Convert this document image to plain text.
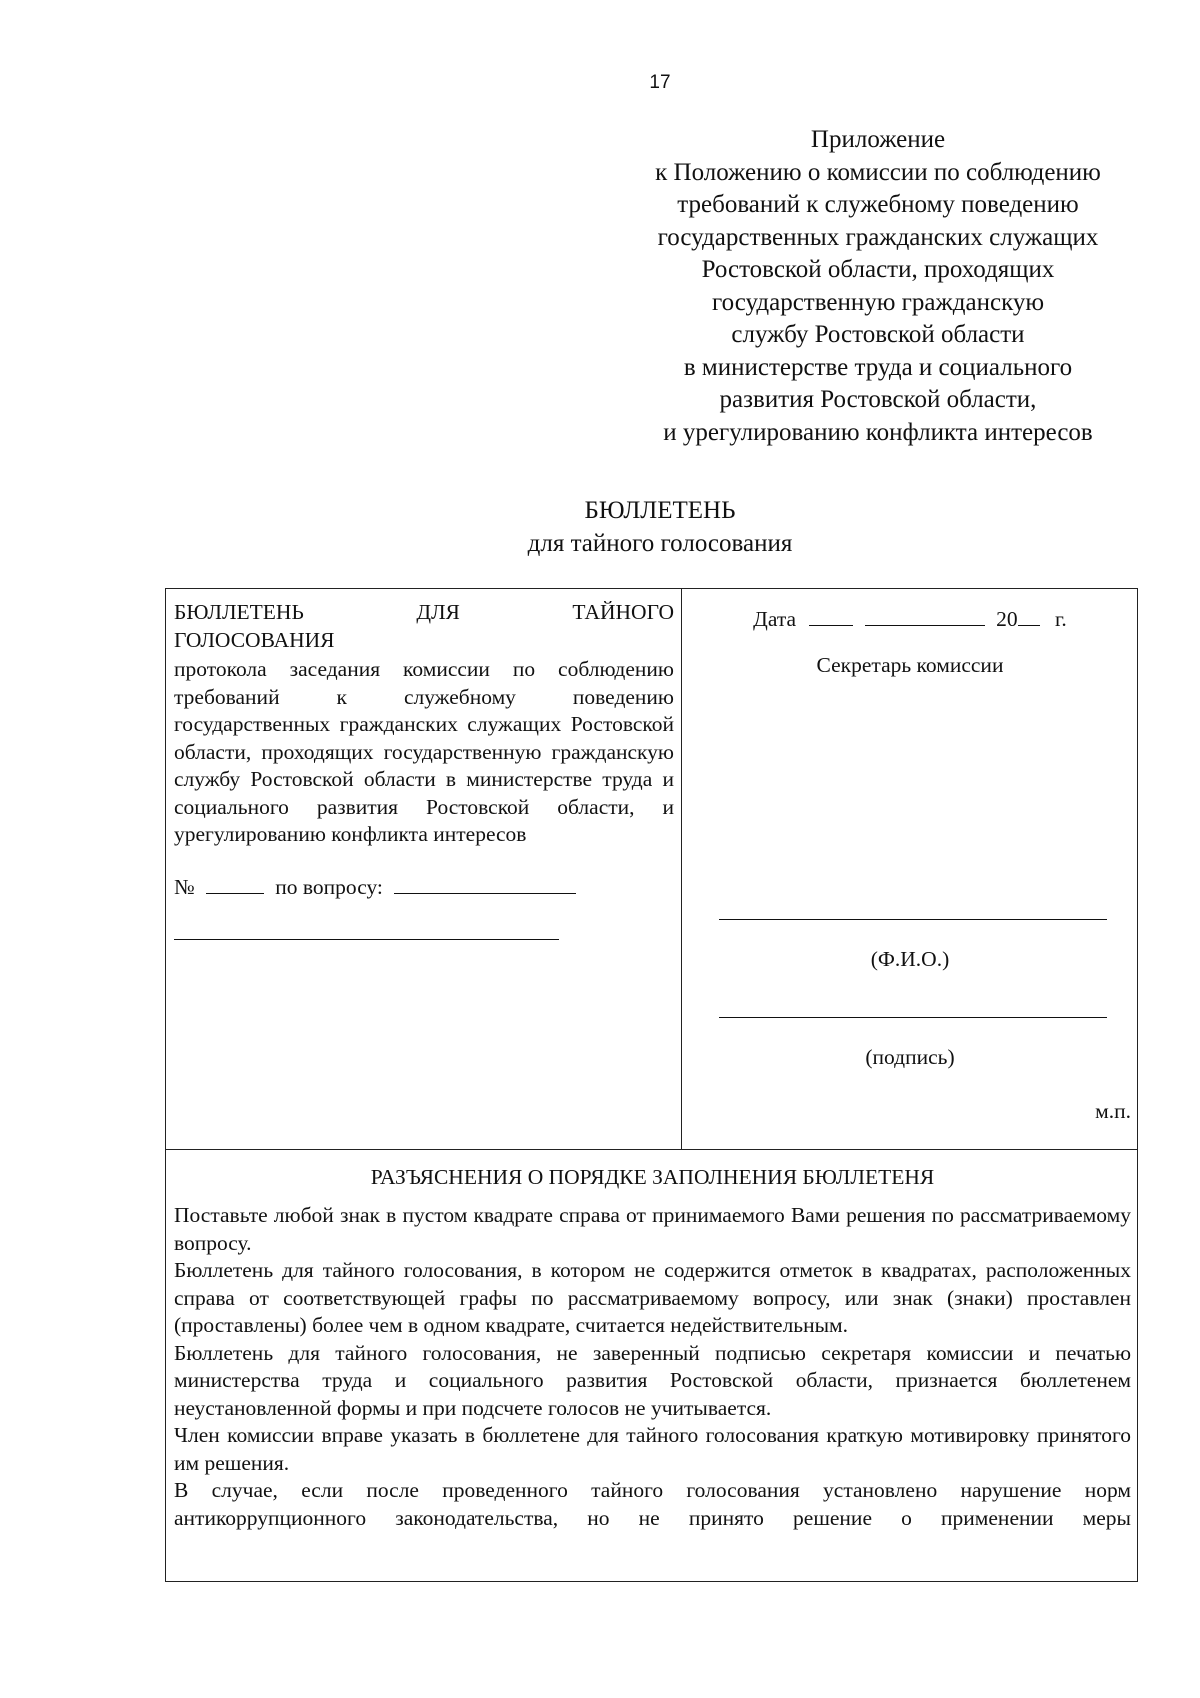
17
Приложение
к Положению о комиссии по соблюдению
требований к служебному поведению
государственных гражданских служащих
Ростовской области, проходящих
государственную гражданскую
службу Ростовской области
в министерстве труда и социального
развития Ростовской области,
и урегулированию конфликта интересов
БЮЛЛЕТЕНЬ
для тайного голосования
БЮЛЛЕТЕНЬ	ДЛЯ	ТАЙНОГО
ГОЛОСОВАНИЯ
протокола заседания комиссии по соблюдению требований к служебному поведению государственных гражданских служащих Ростовской области, проходящих государственную гражданскую службу Ростовской области в министерстве труда и социального развития Ростовской области, и урегулированию конфликта интересов
№	по вопросу:
Дата	20 г.
Секретарь комиссии
(Ф.И.О.)
(подпись)
м.п.
РАЗЪЯСНЕНИЯ О ПОРЯДКЕ ЗАПОЛНЕНИЯ БЮЛЛЕТЕНЯ
Поставьте любой знак в пустом квадрате справа от принимаемого Вами решения по рассматриваемому вопросу.
Бюллетень для тайного голосования, в котором не содержится отметок в квадратах, расположенных справа от соответствующей графы по рассматриваемому вопросу, или знак (знаки) проставлен (проставлены) более чем в одном квадрате, считается недействительным.
Бюллетень для тайного голосования, не заверенный подписью секретаря комиссии и печатью министерства труда и социального развития Ростовской области, признается бюллетенем неустановленной формы и при подсчете голосов не учитывается.
Член комиссии вправе указать в бюллетене для тайного голосования краткую мотивировку принятого им решения.
В случае, если после проведенного тайного голосования установлено нарушение норм антикоррупционного законодательства, но не принято решение о применении меры
